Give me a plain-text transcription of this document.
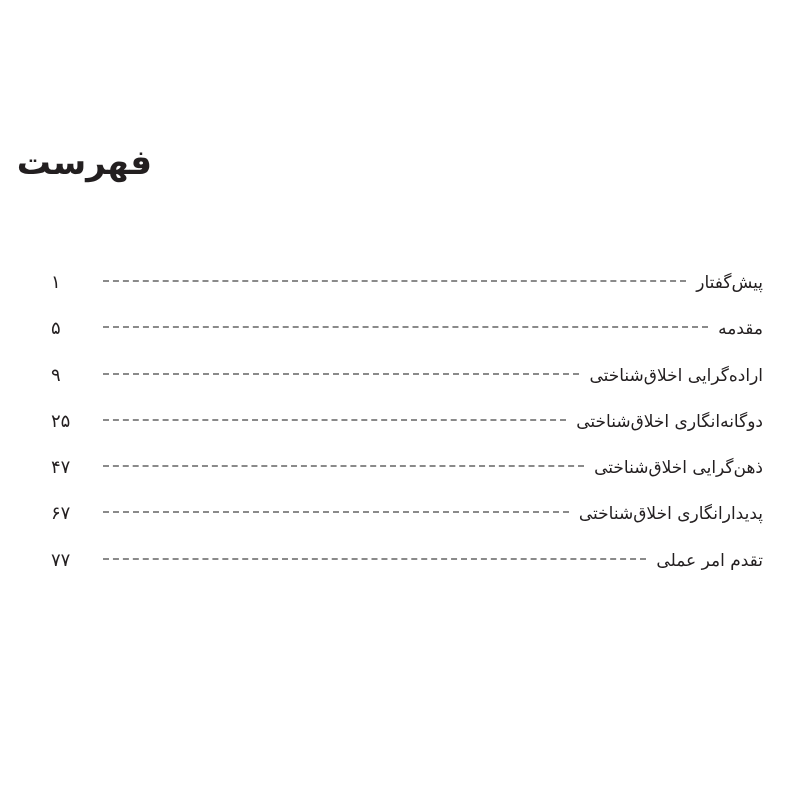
فهرست
پیش‌گفتار
۱
مقدمه
۵
اراده‌گرایی اخلاق‌شناختی
۹
دوگانه‌انگاری اخلاق‌شناختی
۲۵
ذهن‌گرایی اخلاق‌شناختی
۴۷
پدیدارانگاری اخلاق‌شناختی
۶۷
تقدم امر عملی
۷۷
